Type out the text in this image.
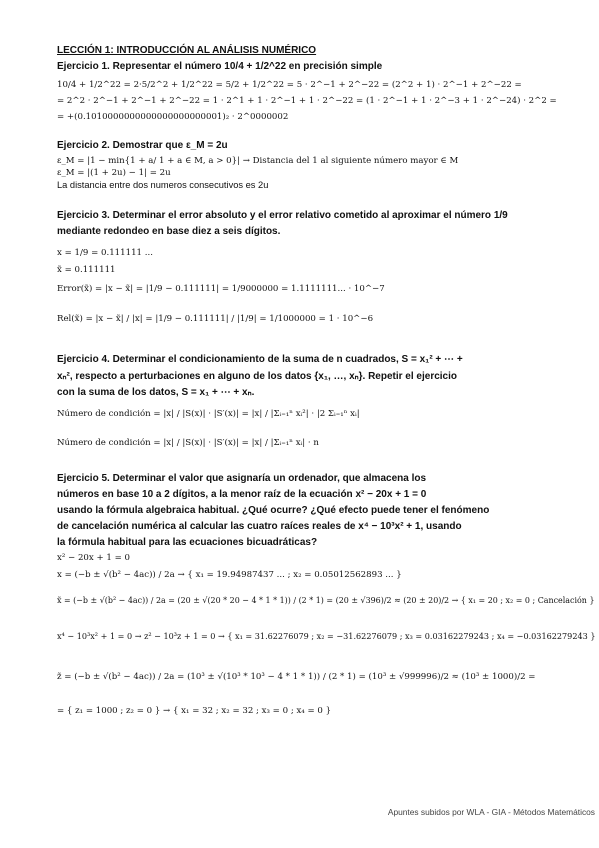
LECCIÓN 1: INTRODUCCIÓN AL ANÁLISIS NUMÉRICO
Ejercicio 1. Representar el número 10/4 + 1/2^22 en precisión simple
10/4 + 1/2^22 = 2·5/2^2 + 1/2^22 = 5/2 + 1/2^22 = 5 · 2^−1 + 2^−22 = (2^2 + 1) · 2^−1 + 2^−22 =
= 2^2 · 2^−1 + 2^−1 + 2^−22 = 1 · 2^1 + 1 · 2^−1 + 1 · 2^−22 = (1 · 2^−1 + 1 · 2^−3 + 1 · 2^−24) · 2^2 =
= +(0.1010000000000000000000001)₂ · 2^0000002
Ejercicio 2. Demostrar que ε_M = 2u
ε_M = |1 − min{1 + a/ 1 + a ∈ M, a > 0}| → Distancia del 1 al siguiente número mayor ∈ M
ε_M = |(1 + 2u) − 1| = 2u
La distancia entre dos numeros consecutivos es 2u
Ejercicio 3. Determinar el error absoluto y el error relativo cometido al aproximar el número 1/9
mediante redondeo en base diez a seis dígitos.
x = 1/9 = 0.111111 ...
x̃ = 0.111111
Error(x̃) = |x − x̃| = |1/9 − 0.111111| = 1/9000000 = 1.1111111... · 10^−7
Rel(x̃) = |x − x̃| / |x| = |1/9 − 0.111111| / |1/9| = 1/1000000 = 1 · 10^−6
Ejercicio 4. Determinar el condicionamiento de la suma de n cuadrados, S = x₁² + ⋯ +
xₙ², respecto a perturbaciones en alguno de los datos {x₁, …, xₙ}. Repetir el ejercicio
con la suma de los datos, S = x₁ + ⋯ + xₙ.
Número de condición = |x| / |S(x)| · |S′(x)| = |x| / |Σᵢ₌₁ⁿ xᵢ²| · |2 Σᵢ₌₁ⁿ xᵢ|
Número de condición = |x| / |S(x)| · |S′(x)| = |x| / |Σᵢ₌₁ⁿ xᵢ| · n
Ejercicio 5. Determinar el valor que asignaría un ordenador, que almacena los
números en base 10 a 2 dígitos, a la menor raíz de la ecuación x² − 20x + 1 = 0
usando la fórmula algebraica habitual. ¿Qué ocurre? ¿Qué efecto puede tener el fenómeno
de cancelación numérica al calcular las cuatro raíces reales de x⁴ − 10³x² + 1, usando
la fórmula habitual para las ecuaciones bicuadráticas?
x² − 20x + 1 = 0
x = (−b ± √(b² − 4ac)) / 2a → { x₁ = 19.94987437 ... ; x₂ = 0.05012562893 ... }
x̃ = (−b ± √(b² − 4ac)) / 2a = (20 ± √(20 * 20 − 4 * 1 * 1)) / (2 * 1) = (20 ± √396)/2 ≈ (20 ± 20)/2 → { x₁ = 20 ; x₂ = 0 ; Cancelación }
x⁴ − 10³x² + 1 = 0 → z² − 10³z + 1 = 0 → { x₁ = 31.62276079 ; x₂ = −31.62276079 ; x₃ = 0.03162279243 ; x₄ = −0.03162279243 }
z̃ = (−b ± √(b² − 4ac)) / 2a = (10³ ± √(10³ * 10³ − 4 * 1 * 1)) / (2 * 1) = (10³ ± √999996)/2 ≈ (10³ ± 1000)/2 =
= { z₁ = 1000 ; z₂ = 0 } → { x₁ = 32 ; x₂ = 32 ; x₃ = 0 ; x₄ = 0 }
Apuntes subidos por WLA - GIA - Métodos Matemáticos
